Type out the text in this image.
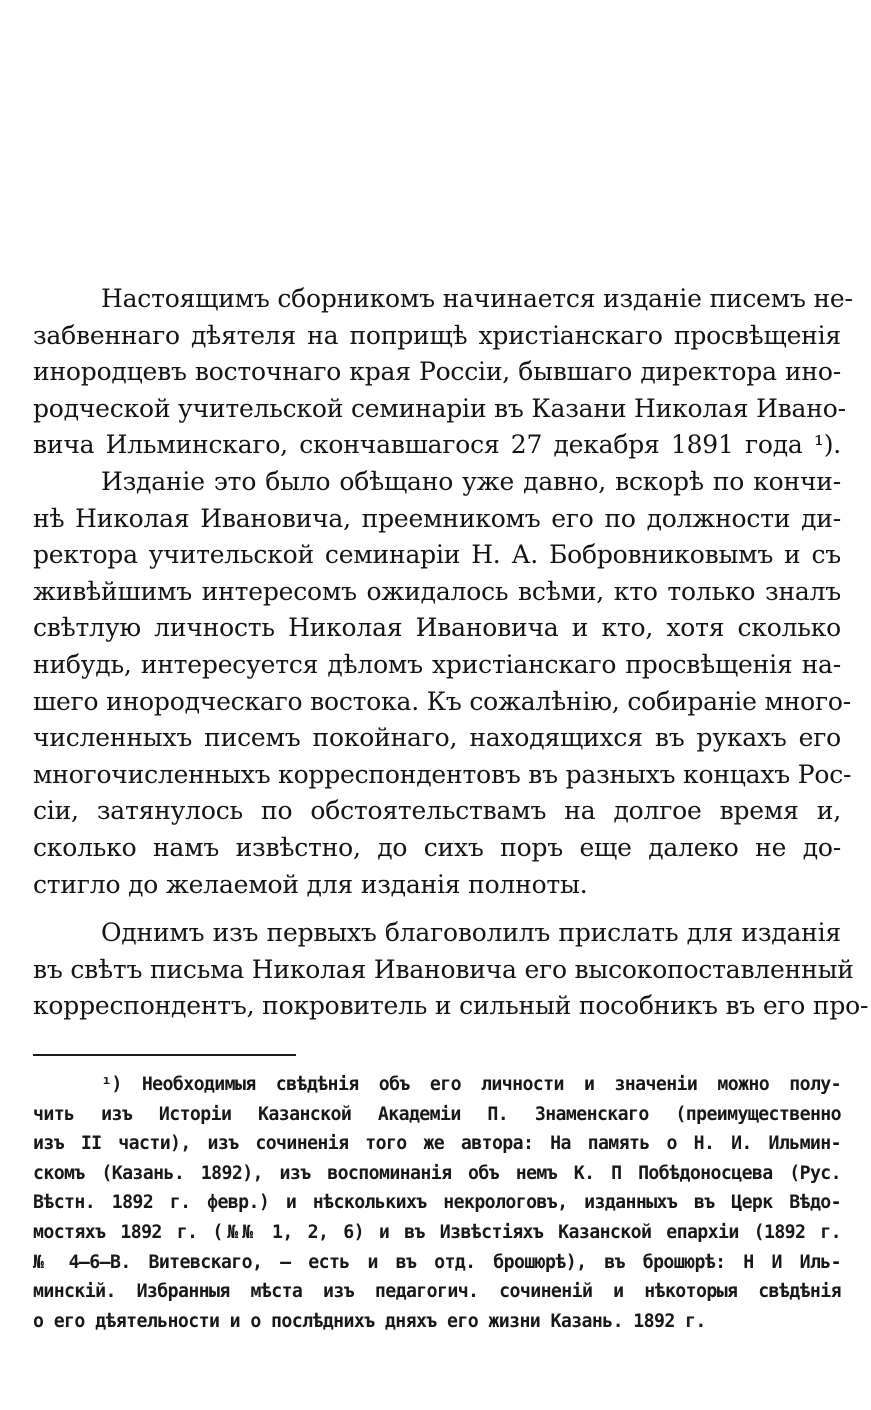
Настоящимъ сборникомъ начинается изданіе писемъ не-
забвеннаго дѣятеля на поприщѣ христіанскаго просвѣщенія
инородцевъ восточнаго края Россіи, бывшаго директора ино-
родческой учительской семинаріи въ Казани Николая Ивано-
вича Ильминскаго, скончавшагося 27 декабря 1891 года ¹).
Изданіе это было обѣщано уже давно, вскорѣ по кончи-
нѣ Николая Ивановича, преемникомъ его по должности ди-
ректора учительской семинаріи Н. А. Бобровниковымъ и съ
живѣйшимъ интересомъ ожидалось всѣми, кто только зналъ
свѣтлую личность Николая Ивановича и кто, хотя сколько
нибудь, интересуется дѣломъ христіанскаго просвѣщенія на-
шего инородческаго востока. Къ сожалѣнію, собираніе много-
численныхъ писемъ покойнаго, находящихся въ рукахъ его
многочисленныхъ корреспондентовъ въ разныхъ концахъ Рос-
сіи, затянулось по обстоятельствамъ на долгое время и,
сколько намъ извѣстно, до сихъ поръ еще далеко не до-
стигло до желаемой для изданія полноты.
Однимъ изъ первыхъ благоволилъ прислать для изданія
въ свѣтъ письма Николая Ивановича его высокопоставленный
корреспондентъ, покровитель и сильный пособникъ въ его про-
¹) Необходимыя свѣдѣнія объ его личности и значеніи можно полу-
чить изъ Исторіи Казанской Академіи П. Знаменскаго (преимущественно
изъ II части), изъ сочиненія того же автора: На память о Н. И. Ильмин-
скомъ (Казань. 1892), изъ воспоминанія объ немъ К. П Побѣдоносцева (Рус.
Вѣстн. 1892 г. февр.) и нѣсколькихъ некрологовъ, изданныхъ въ Церк Вѣдо-
мостяхъ 1892 г. (№№ 1, 2, 6) и въ Извѣстіяхъ Казанской епархіи (1892 г.
№ 4—6—В. Витевскаго, — есть и въ отд. брошюрѣ), въ брошюрѣ: Н И Иль-
минскій. Избранныя мѣста изъ педагогич. сочиненій и нѣкоторыя свѣдѣнія
о его дѣятельности и о послѣднихъ дняхъ его жизни Казань. 1892 г.
